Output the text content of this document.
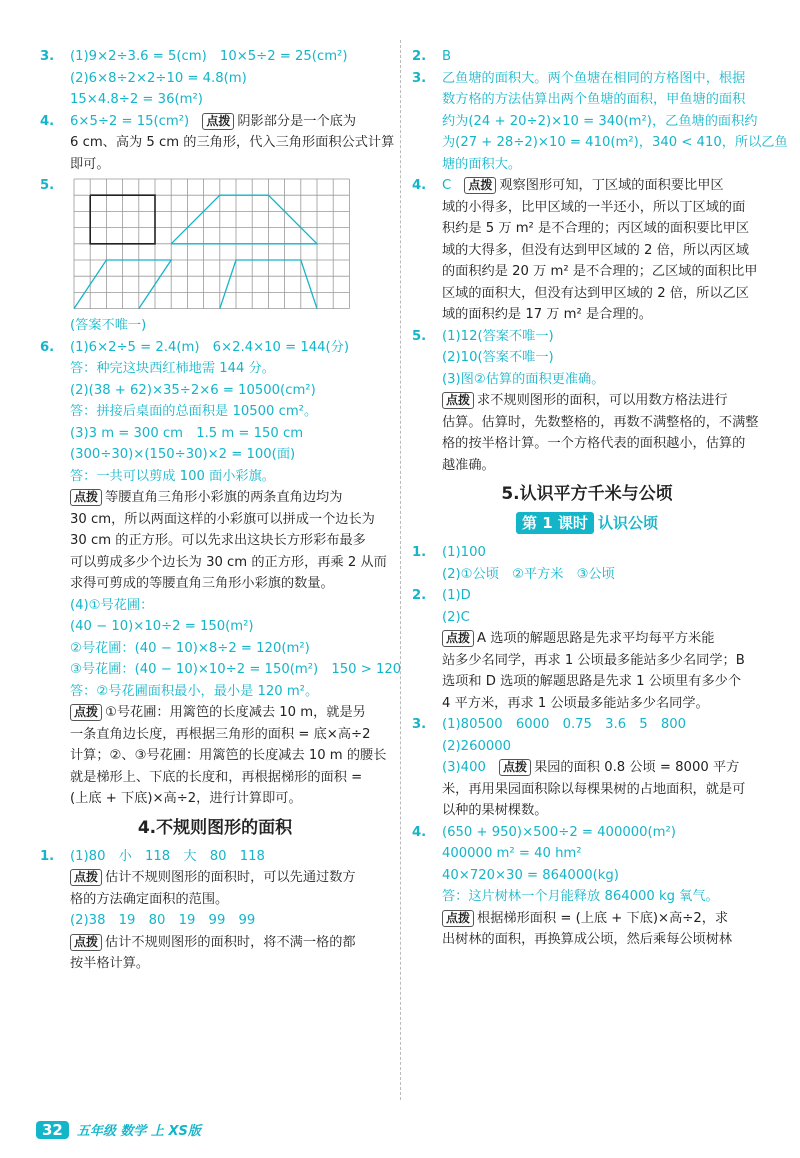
3. (1)9×2÷3.6 = 5(cm)　10×5÷2 = 25(cm²)
(2)6×8÷2×2÷10 = 4.8(m)
15×4.8÷2 = 36(m²)
4. 6×5÷2 = 15(cm²)　 点拨 阴影部分是一个底为
6 cm、高为 5 cm 的三角形，代入三角形面积公式计算
即可。
5.
(答案不唯一)
6. (1)6×2÷5 = 2.4(m)　6×2.4×10 = 144(分)
答：种完这块西红柿地需 144 分。
(2)(38 + 62)×35÷2×6 = 10500(cm²)
答：拼接后桌面的总面积是 10500 cm²。
(3)3 m = 300 cm　1.5 m = 150 cm
(300÷30)×(150÷30)×2 = 100(面)
答：一共可以剪成 100 面小彩旗。
点拨 等腰直角三角形小彩旗的两条直角边均为
30 cm，所以两面这样的小彩旗可以拼成一个边长为
30 cm 的正方形。可以先求出这块长方形彩布最多
可以剪成多少个边长为 30 cm 的正方形，再乘 2 从而
求得可剪成的等腰直角三角形小彩旗的数量。
(4)①号花圃：
(40 − 10)×10÷2 = 150(m²)
②号花圃：(40 − 10)×8÷2 = 120(m²)
③号花圃：(40 − 10)×10÷2 = 150(m²)　150 > 120
答：②号花圃面积最小，最小是 120 m²。
点拨 ①号花圃：用篱笆的长度减去 10 m，就是另
一条直角边长度，再根据三角形的面积 = 底×高÷2
计算；②、③号花圃：用篱笆的长度减去 10 m 的腰长
就是梯形上、下底的长度和，再根据梯形的面积 =
(上底 + 下底)×高÷2，进行计算即可。
4.不规则图形的面积
1. (1)80　小　118　大　80　118
点拨 估计不规则图形的面积时，可以先通过数方
格的方法确定面积的范围。
(2)38　19　80　19　99　99
点拨 估计不规则图形的面积时，将不满一格的都
按半格计算。
2. B
3. 乙鱼塘的面积大。两个鱼塘在相同的方格图中，根据
数方格的方法估算出两个鱼塘的面积，甲鱼塘的面积
约为(24 + 20÷2)×10 = 340(m²)，乙鱼塘的面积约
为(27 + 28÷2)×10 = 410(m²)，340 < 410，所以乙鱼
塘的面积大。
4. C　 点拨 观察图形可知，丁区域的面积要比甲区
域的小得多，比甲区域的一半还小，所以丁区域的面
积约是 5 万 m² 是不合理的；丙区域的面积要比甲区
域的大得多，但没有达到甲区域的 2 倍，所以丙区域
的面积约是 20 万 m² 是不合理的；乙区域的面积比甲
区域的面积大，但没有达到甲区域的 2 倍，所以乙区
域的面积约是 17 万 m² 是合理的。
5. (1)12(答案不唯一)
(2)10(答案不唯一)
(3)图②估算的面积更准确。
点拨 求不规则图形的面积，可以用数方格法进行
估算。估算时，先数整格的，再数不满整格的，不满整
格的按半格计算。一个方格代表的面积越小，估算的
越准确。
5.认识平方千米与公顷
第 1 课时 认识公顷
1. (1)100
(2)①公顷　②平方米　③公顷
2. (1)D
(2)C
点拨 A 选项的解题思路是先求平均每平方米能
站多少名同学，再求 1 公顷最多能站多少名同学；B
选项和 D 选项的解题思路是先求 1 公顷里有多少个
4 平方米，再求 1 公顷最多能站多少名同学。
3. (1)80500　6000　0.75　3.6　5　800
(2)260000
(3)400　 点拨 果园的面积 0.8 公顷 = 8000 平方
米，再用果园面积除以每棵果树的占地面积，就是可
以种的果树棵数。
4. (650 + 950)×500÷2 = 400000(m²)
400000 m² = 40 hm²
40×720×30 = 864000(kg)
答：这片树林一个月能释放 864000 kg 氧气。
点拨 根据梯形面积 = (上底 + 下底)×高÷2，求
出树林的面积，再换算成公顷，然后乘每公顷树林
32 五年级 数学 上 XS版
